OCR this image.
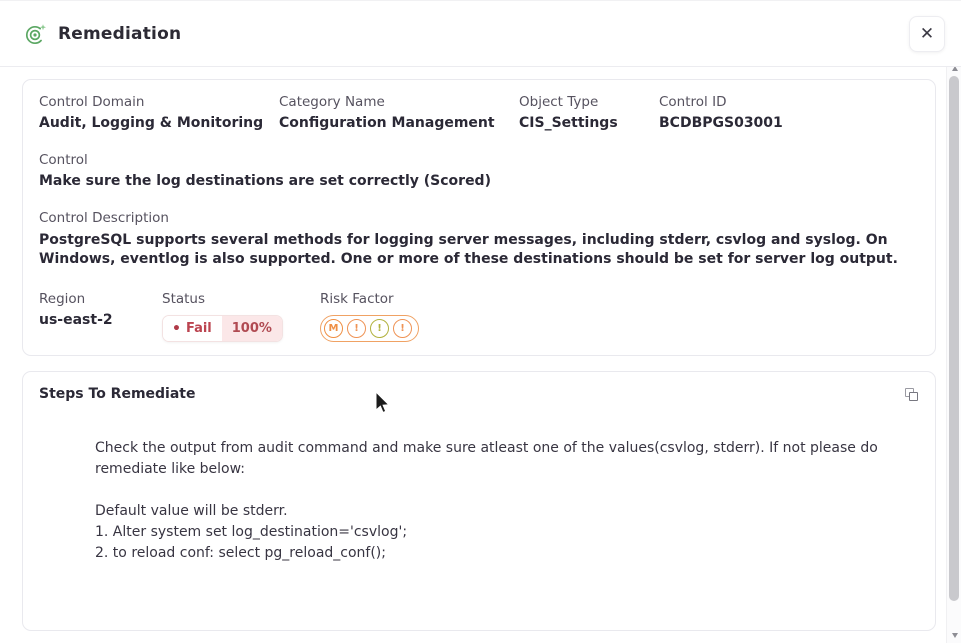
Remediation	✕
Control Domain
Audit, Logging & Monitoring
Category Name
Configuration Management
Object Type
CIS_Settings
Control ID
BCDBPGS03001
Control
Make sure the log destinations are set correctly (Scored)
Control Description
PostgreSQL supports several methods for logging server messages, including stderr, csvlog and syslog. On Windows, eventlog is also supported. One or more of these destinations should be set for server log output.
Region
us-east-2
Status
• Fail	100%
Risk Factor
M	!	!	!
Steps To Remediate
Check the output from audit command and make sure atleast one of the values(csvlog, stderr). If not please do remediate like below:
Default value will be stderr.
1. Alter system set log_destination='csvlog';
2. to reload conf: select pg_reload_conf();
